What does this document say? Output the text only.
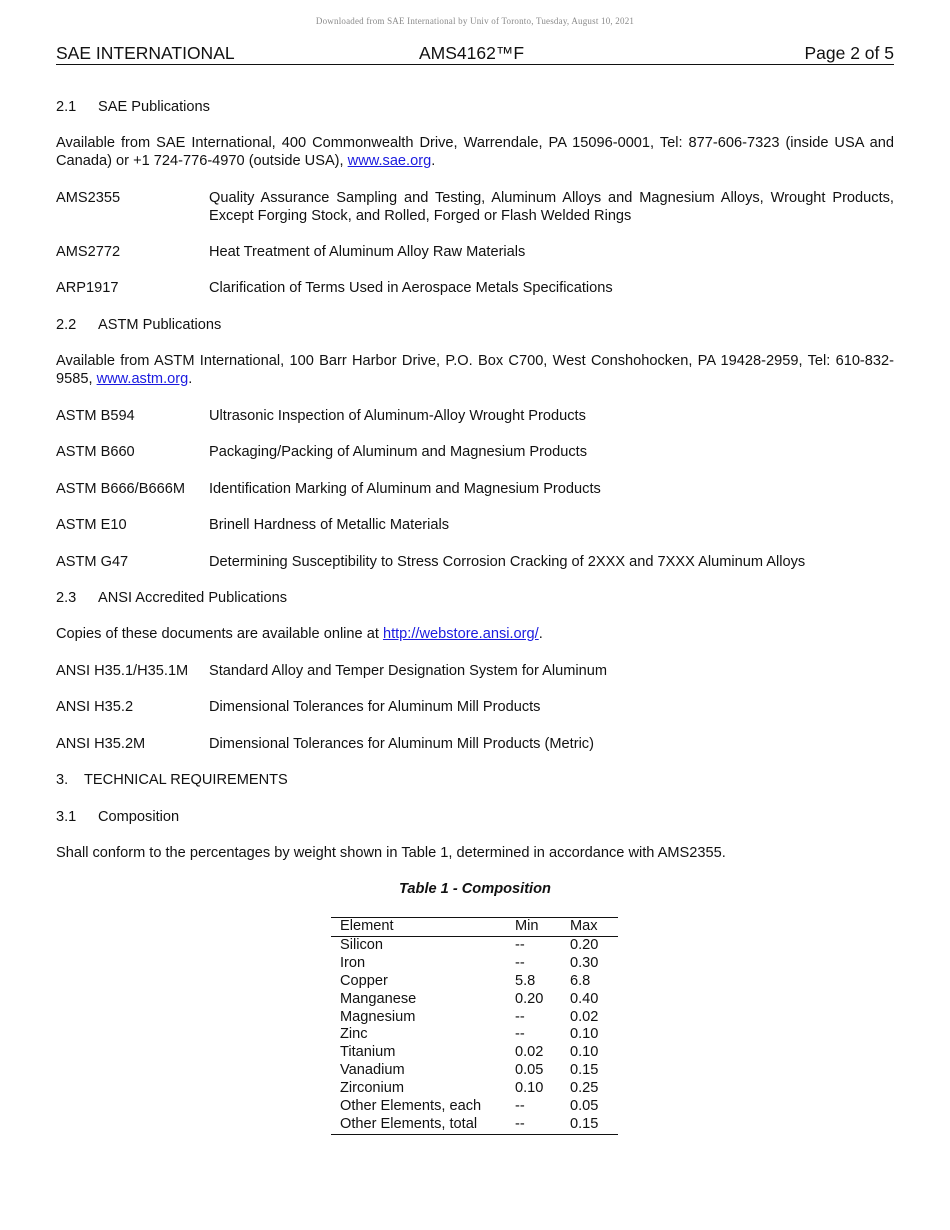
Downloaded from SAE International by Univ of Toronto, Tuesday, August 10, 2021
SAE INTERNATIONAL	AMS4162™F	Page 2 of 5
2.1 SAE Publications
Available from SAE International, 400 Commonwealth Drive, Warrendale, PA 15096-0001, Tel: 877-606-7323 (inside USA and Canada) or +1 724-776-4970 (outside USA), www.sae.org.
AMS2355	Quality Assurance Sampling and Testing, Aluminum Alloys and Magnesium Alloys, Wrought Products, Except Forging Stock, and Rolled, Forged or Flash Welded Rings
AMS2772	Heat Treatment of Aluminum Alloy Raw Materials
ARP1917	Clarification of Terms Used in Aerospace Metals Specifications
2.2 ASTM Publications
Available from ASTM International, 100 Barr Harbor Drive, P.O. Box C700, West Conshohocken, PA 19428-2959, Tel: 610-832-9585, www.astm.org.
ASTM B594	Ultrasonic Inspection of Aluminum-Alloy Wrought Products
ASTM B660	Packaging/Packing of Aluminum and Magnesium Products
ASTM B666/B666M Identification Marking of Aluminum and Magnesium Products
ASTM E10	Brinell Hardness of Metallic Materials
ASTM G47	Determining Susceptibility to Stress Corrosion Cracking of 2XXX and 7XXX Aluminum Alloys
2.3 ANSI Accredited Publications
Copies of these documents are available online at http://webstore.ansi.org/.
ANSI H35.1/H35.1M Standard Alloy and Temper Designation System for Aluminum
ANSI H35.2	Dimensional Tolerances for Aluminum Mill Products
ANSI H35.2M	Dimensional Tolerances for Aluminum Mill Products (Metric)
3. TECHNICAL REQUIREMENTS
3.1 Composition
Shall conform to the percentages by weight shown in Table 1, determined in accordance with AMS2355.
Table 1 - Composition
Element	Min	Max
Silicon	--	0.20
Iron	--	0.30
Copper	5.8	6.8
Manganese	0.20	0.40
Magnesium	--	0.02
Zinc	--	0.10
Titanium	0.02	0.10
Vanadium	0.05	0.15
Zirconium	0.10	0.25
Other Elements, each	--	0.05
Other Elements, total	--	0.15
